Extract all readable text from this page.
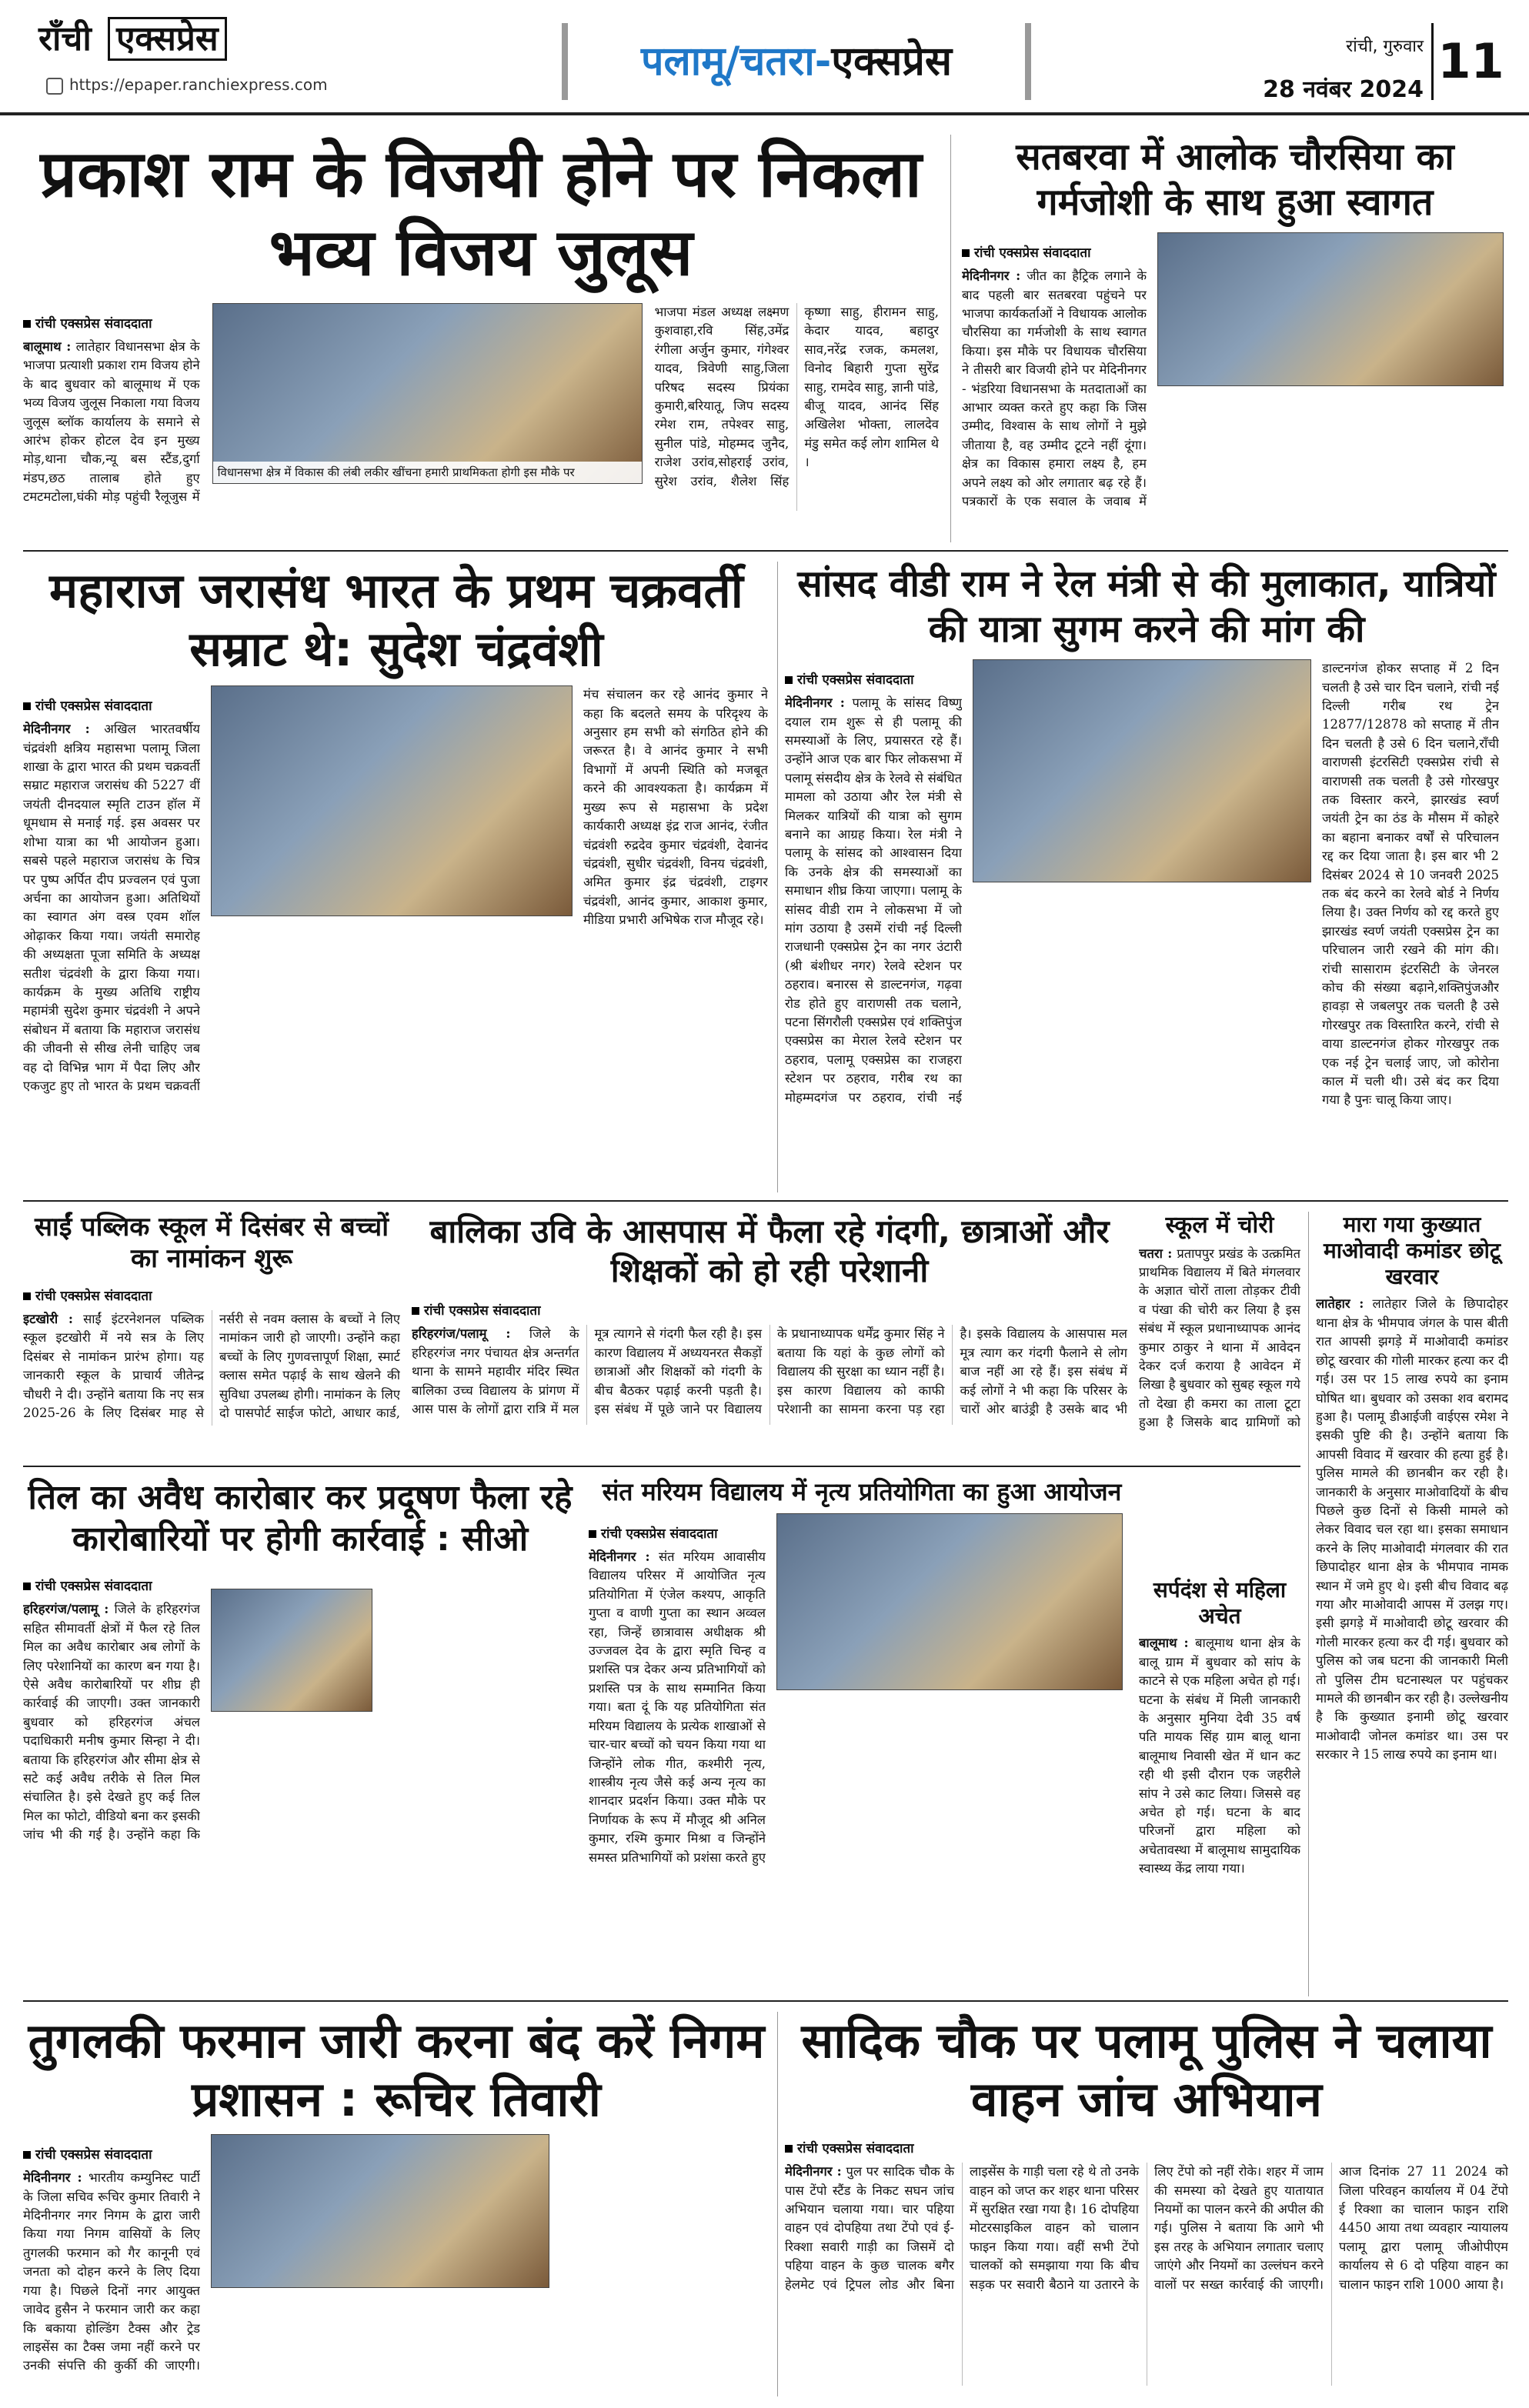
राँची एक्सप्रेस
https://epaper.ranchiexpress.com	पलामू/चतरा-एक्सप्रेस	रांची, गुरुवार
28 नवंबर 2024
11
प्रकाश राम के विजयी होने पर निकला भव्य विजय जुलूस
रांची एक्सप्रेस संवाददाता
बालूमाथ : लातेहार विधानसभा क्षेत्र के भाजपा प्रत्याशी प्रकाश राम विजय होने के बाद बुधवार को बालूमाथ में एक भव्य विजय जुलूस निकाला गया विजय जुलूस ब्लॉक कार्यालय के समाने से आरंभ होकर होटल देव इन मुख्य मोड़,थाना चौक,न्यू बस स्टैंड,दुर्गा मंडप,छठ तालाब होते हुए टमटमटोला,घंकी मोड़ पहुंची रैलूजुस में
विधानसभा क्षेत्र में विकास की लंबी लकीर खींचना हमारी प्राथमिकता होगी इस मौके पर
भाजपा मंडल अध्यक्ष लक्ष्मण कुशवाहा,रवि सिंह,उमेंद्र रंगीला अर्जुन कुमार, गंगेश्वर यादव, त्रिवेणी साहु,जिला परिषद सदस्य प्रियंका कुमारी,बरियातू, जिप सदस्य रमेश राम, तपेश्वर साहु, सुनील पांडे, मोहम्मद जुनैद, राजेश उरांव,सोहराई उरांव, सुरेश उरांव, शैलेश सिंह कृष्णा साहु, हीरामन साहु, केदार यादव, बहादुर साव,नरेंद्र रजक, कमलश, विनोद बिहारी गुप्ता सुरेंद्र साहु, रामदेव साहु, ज्ञानी पांडे, बीजू यादव, आनंद सिंह अखिलेश भोक्ता, लालदेव मंडु समेत कई लोग शामिल थे ।
सतबरवा में आलोक चौरसिया का गर्मजोशी के साथ हुआ स्वागत
रांची एक्सप्रेस संवाददाता
मेदिनीनगर : जीत का हैट्रिक लगाने के बाद पहली बार सतबरवा पहुंचने पर भाजपा कार्यकर्ताओं ने विधायक आलोक चौरसिया का गर्मजोशी के साथ स्वागत किया। इस मौके पर विधायक चौरसिया ने तीसरी बार विजयी होने पर मेदिनीनगर - भंडरिया विधानसभा के मतदाताओं का आभार व्यक्त करते हुए कहा कि जिस उम्मीद, विश्वास के साथ लोगों ने मुझे जीताया है, वह उम्मीद टूटने नहीं दूंगा। क्षेत्र का विकास हमारा लक्ष्य है, हम अपने लक्ष्य को ओर लगातार बढ़ रहे हैं। पत्रकारों के एक सवाल के जवाब में
महाराज जरासंध भारत के प्रथम चक्रवर्ती सम्राट थे: सुदेश चंद्रवंशी
रांची एक्सप्रेस संवाददाता
मेदिनीनगर : अखिल भारतवर्षीय चंद्रवंशी क्षत्रिय महासभा पलामू जिला शाखा के द्वारा भारत की प्रथम चक्रवर्ती सम्राट महाराज जरासंध की 5227 वीं जयंती दीनदयाल स्मृति टाउन हॉल में धूमधाम से मनाई गई. इस अवसर पर शोभा यात्रा का भी आयोजन हुआ। सबसे पहले महाराज जरासंध के चित्र पर पुष्प अर्पित दीप प्रज्वलन एवं पुजा अर्चना का आयोजन हुआ। अतिथियों का स्वागत अंग वस्त्र एवम शॉल ओढ़ाकर किया गया। जयंती समारोह की अध्यक्षता पूजा समिति के अध्यक्ष सतीश चंद्रवंशी के द्वारा किया गया। कार्यक्रम के मुख्य अतिथि राष्ट्रीय महामंत्री सुदेश कुमार चंद्रवंशी ने अपने संबोधन में बताया कि महाराज जरासंध की जीवनी से सीख लेनी चाहिए जब वह दो विभिन्न भाग में पैदा लिए और एकजुट हुए तो भारत के प्रथम चक्रवर्ती
मंच संचालन कर रहे आनंद कुमार ने कहा कि बदलते समय के परिदृश्य के अनुसार हम सभी को संगठित होने की जरूरत है। वे आनंद कुमार ने सभी विभागों में अपनी स्थिति को मजबूत करने की आवश्यकता है। कार्यक्रम में मुख्य रूप से महासभा के प्रदेश कार्यकारी अध्यक्ष इंद्र राज आनंद, रंजीत चंद्रवंशी रुद्रदेव कुमार चंद्रवंशी, देवानंद चंद्रवंशी, सुधीर चंद्रवंशी, विनय चंद्रवंशी, अमित कुमार इंद्र चंद्रवंशी, टाइगर चंद्रवंशी, आनंद कुमार, आकाश कुमार, मीडिया प्रभारी अभिषेक राज मौजूद रहे।
सांसद वीडी राम ने रेल मंत्री से की मुलाकात, यात्रियों की यात्रा सुगम करने की मांग की
रांची एक्सप्रेस संवाददाता
मेदिनीनगर : पलामू के सांसद विष्णु दयाल राम शुरू से ही पलामू की समस्याओं के लिए, प्रयासरत रहे हैं। उन्होंने आज एक बार फिर लोकसभा में पलामू संसदीय क्षेत्र के रेलवे से संबंधित मामला को उठाया और रेल मंत्री से मिलकर यात्रियों की यात्रा को सुगम बनाने का आग्रह किया। रेल मंत्री ने पलामू के सांसद को आश्वासन दिया कि उनके क्षेत्र की समस्याओं का समाधान शीघ्र किया जाएगा। पलामू के सांसद वीडी राम ने लोकसभा में जो मांग उठाया है उसमें रांची नई दिल्ली राजधानी एक्सप्रेस ट्रेन का नगर उंटारी (श्री बंशीधर नगर) रेलवे स्टेशन पर ठहराव। बनारस से डाल्टनगंज, गढ़वा रोड होते हुए वाराणसी तक चलाने, पटना सिंगरौली एक्सप्रेस एवं शक्तिपुंज एक्सप्रेस का मेराल रेलवे स्टेशन पर ठहराव, पलामू एक्सप्रेस का राजहरा स्टेशन पर ठहराव, गरीब रथ का मोहम्मदगंज पर ठहराव, रांची नई
डाल्टनगंज होकर सप्ताह में 2 दिन चलती है उसे चार दिन चलाने, रांची नई दिल्ली गरीब रथ ट्रेन 12877/12878 को सप्ताह में तीन दिन चलती है उसे 6 दिन चलाने,राँची वाराणसी इंटरसिटी एक्सप्रेस रांची से वाराणसी तक चलती है उसे गोरखपुर तक विस्तार करने, झारखंड स्वर्ण जयंती ट्रेन का ठंड के मौसम में कोहरे का बहाना बनाकर वर्षों से परिचालन रद्द कर दिया जाता है। इस बार भी 2 दिसंबर 2024 से 10 जनवरी 2025 तक बंद करने का रेलवे बोर्ड ने निर्णय लिया है। उक्त निर्णय को रद्द करते हुए झारखंड स्वर्ण जयंती एक्सप्रेस ट्रेन का परिचालन जारी रखने की मांग की। रांची सासाराम इंटरसिटी के जेनरल कोच की संख्या बढ़ाने,शक्तिपुंजऔर हावड़ा से जबलपुर तक चलती है उसे गोरखपुर तक विस्तारित करने, रांची से वाया डाल्टनगंज होकर गोरखपुर तक एक नई ट्रेन चलाई जाए, जो कोरोना काल में चली थी। उसे बंद कर दिया गया है पुनः चालू किया जाए।
साईं पब्लिक स्कूल में दिसंबर से बच्चों का नामांकन शुरू
रांची एक्सप्रेस संवाददाता
इटखोरी : साईं इंटरनेशनल पब्लिक स्कूल इटखोरी में नये सत्र के लिए दिसंबर से नामांकन प्रारंभ होगा। यह जानकारी स्कूल के प्राचार्य जीतेन्द्र चौधरी ने दी। उन्होंने बताया कि नए सत्र 2025-26 के लिए दिसंबर माह से नर्सरी से नवम क्लास के बच्चों ने लिए नामांकन जारी हो जाएगी। उन्होंने कहा बच्चों के लिए गुणवत्तापूर्ण शिक्षा, स्मार्ट क्लास समेत पढ़ाई के साथ खेलने की सुविधा उपलब्ध होगी। नामांकन के लिए दो पासपोर्ट साईज फोटो, आधार कार्ड,
बालिका उवि के आसपास में फैला रहे गंदगी, छात्राओं और शिक्षकों को हो रही परेशानी
रांची एक्सप्रेस संवाददाता
हरिहरगंज/पलामू : जिले के हरिहरगंज नगर पंचायत क्षेत्र अन्तर्गत थाना के सामने महावीर मंदिर स्थित बालिका उच्च विद्यालय के प्रांगण में आस पास के लोगों द्वारा रात्रि में मल मूत्र त्यागने से गंदगी फैल रही है। इस कारण विद्यालय में अध्ययनरत सैकड़ों छात्राओं और शिक्षकों को गंदगी के बीच बैठकर पढ़ाई करनी पड़ती है। इस संबंध में पूछे जाने पर विद्यालय के प्रधानाध्यापक धर्मेंद्र कुमार सिंह ने बताया कि यहां के कुछ लोगों को विद्यालय की सुरक्षा का ध्यान नहीं है। इस कारण विद्यालय को काफी परेशानी का सामना करना पड़ रहा है। इसके विद्यालय के आसपास मल मूत्र त्याग कर गंदगी फैलाने से लोग बाज नहीं आ रहे हैं। इस संबंध में कई लोगों ने भी कहा कि परिसर के चारों ओर बाउंड्री है उसके बाद भी
स्कूल में चोरी
चतरा : प्रतापपुर प्रखंड के उत्क्रमित प्राथमिक विद्यालय में बिते मंगलवार के अज्ञात चोरों ताला तोड़कर टीवी व पंखा की चोरी कर लिया है इस संबंध में स्कूल प्रधानाध्यापक आनंद कुमार ठाकुर ने थाना में आवेदन देकर दर्ज कराया है आवेदन में लिखा है बुधवार को सुबह स्कूल गये तो देखा ही कमरा का ताला टूटा हुआ है जिसके बाद ग्रामिणों को
मारा गया कुख्यात माओवादी कमांडर छोटू खरवार
लातेहार : लातेहार जिले के छिपादोहर थाना क्षेत्र के भीमपाव जंगल के पास बीती रात आपसी झगड़े में माओवादी कमांडर छोटू खरवार की गोली मारकर हत्या कर दी गई। उस पर 15 लाख रुपये का इनाम घोषित था। बुधवार को उसका शव बरामद हुआ है। पलामू डीआईजी वाईएस रमेश ने इसकी पुष्टि की है। उन्होंने बताया कि आपसी विवाद में खरवार की हत्या हुई है। पुलिस मामले की छानबीन कर रही है। जानकारी के अनुसार माओवादियों के बीच पिछले कुछ दिनों से किसी मामले को लेकर विवाद चल रहा था। इसका समाधान करने के लिए माओवादी मंगलवार की रात छिपादोहर थाना क्षेत्र के भीमपाव नामक स्थान में जमे हुए थे। इसी बीच विवाद बढ़ गया और माओवादी आपस में उलझ गए। इसी झगड़े में माओवादी छोटू खरवार की गोली मारकर हत्या कर दी गई। बुधवार को पुलिस को जब घटना की जानकारी मिली तो पुलिस टीम घटनास्थल पर पहुंचकर मामले की छानबीन कर रही है। उल्लेखनीय है कि कुख्यात इनामी छोटू खरवार माओवादी जोनल कमांडर था। उस पर सरकार ने 15 लाख रुपये का इनाम था।
तिल का अवैध कारोबार कर प्रदूषण फैला रहे कारोबारियों पर होगी कार्रवाई : सीओ
रांची एक्सप्रेस संवाददाता
हरिहरगंज/पलामू : जिले के हरिहरगंज सहित सीमावर्ती क्षेत्रों में फैल रहे तिल मिल का अवैध कारोबार अब लोगों के लिए परेशानियों का कारण बन गया है। ऐसे अवैध कारोबारियों पर शीघ्र ही कार्रवाई की जाएगी। उक्त जानकारी बुधवार को हरिहरगंज अंचल पदाधिकारी मनीष कुमार सिन्हा ने दी। बताया कि हरिहरगंज और सीमा क्षेत्र से सटे कई अवैध तरीके से तिल मिल संचालित है। इसे देखते हुए कई तिल मिल का फोटो, वीडियो बना कर इसकी जांच भी की गई है। उन्होंने कहा कि
संत मरियम विद्यालय में नृत्य प्रतियोगिता का हुआ आयोजन
रांची एक्सप्रेस संवाददाता
मेदिनीनगर : संत मरियम आवासीय विद्यालय परिसर में आयोजित नृत्य प्रतियोगिता में एंजेल कश्यप, आकृति गुप्ता व वाणी गुप्ता का स्थान अव्वल रहा, जिन्हें छात्रावास अधीक्षक श्री उज्जवल देव के द्वारा स्मृति चिन्ह व प्रशस्ति पत्र देकर अन्य प्रतिभागियों को प्रशस्ति पत्र के साथ सम्मानित किया गया। बता दूं कि यह प्रतियोगिता संत मरियम विद्यालय के प्रत्येक शाखाओं से चार-चार बच्चों को चयन किया गया था जिन्होंने लोक गीत, कश्मीरी नृत्य, शास्त्रीय नृत्य जैसे कई अन्य नृत्य का शानदार प्रदर्शन किया। उक्त मौके पर निर्णायक के रूप में मौजूद श्री अनिल कुमार, रश्मि कुमार मिश्रा व जिन्होंने समस्त प्रतिभागियों को प्रशंसा करते हुए
सर्पदंश से महिला अचेत
बालूमाथ : बालूमाथ थाना क्षेत्र के बालू ग्राम में बुधवार को सांप के काटने से एक महिला अचेत हो गई। घटना के संबंध में मिली जानकारी के अनुसार मुनिया देवी 35 वर्ष पति मायक सिंह ग्राम बालू थाना बालूमाथ निवासी खेत में धान कट रही थी इसी दौरान एक जहरीले सांप ने उसे काट लिया। जिससे वह अचेत हो गई। घटना के बाद परिजनों द्वारा महिला को अचेतावस्था में बालूमाथ सामुदायिक स्वास्थ्य केंद्र लाया गया।
तुगलकी फरमान जारी करना बंद करें निगम प्रशासन : रूचिर तिवारी
रांची एक्सप्रेस संवाददाता
मेदिनीनगर : भारतीय कम्युनिस्ट पार्टी के जिला सचिव रूचिर कुमार तिवारी ने मेदिनीनगर नगर निगम के द्वारा जारी किया गया निगम वासियों के लिए तुगलकी फरमान को गैर कानूनी एवं जनता को दोहन करने के लिए दिया गया है। पिछले दिनों नगर आयुक्त जावेद हुसैन ने फरमान जारी कर कहा कि बकाया होल्डिंग टैक्स और ट्रेड लाइसेंस का टैक्स जमा नहीं करने पर उनकी संपत्ति की कुर्की की जाएगी।
सादिक चौक पर पलामू पुलिस ने चलाया वाहन जांच अभियान
रांची एक्सप्रेस संवाददाता
मेदिनीनगर : पुल पर सादिक चौक के पास टेंपो स्टैंड के निकट सघन जांच अभियान चलाया गया। चार पहिया वाहन एवं दोपहिया तथा टेंपो एवं ई-रिक्शा सवारी गाड़ी का जिसमें दो पहिया वाहन के कुछ चालक बगैर हेलमेट एवं ट्रिपल लोड और बिना लाइसेंस के गाड़ी चला रहे थे तो उनके वाहन को जप्त कर शहर थाना परिसर में सुरक्षित रखा गया है। 16 दोपहिया मोटरसाइकिल वाहन को चालान फाइन किया गया। वहीं सभी टेंपो चालकों को समझाया गया कि बीच सड़क पर सवारी बैठाने या उतारने के लिए टेंपो को नहीं रोके। शहर में जाम की समस्या को देखते हुए यातायात नियमों का पालन करने की अपील की गई। पुलिस ने बताया कि आगे भी इस तरह के अभियान लगातार चलाए जाएंगे और नियमों का उल्लंघन करने वालों पर सख्त कार्रवाई की जाएगी। आज दिनांक 27 11 2024 को जिला परिवहन कार्यालय में 04 टेंपो ई रिक्शा का चालान फाइन राशि 4450 आया तथा व्यवहार न्यायालय पलामू द्वारा पलामू जीओपीएम कार्यालय से 6 दो पहिया वाहन का चालान फाइन राशि 1000 आया है।
